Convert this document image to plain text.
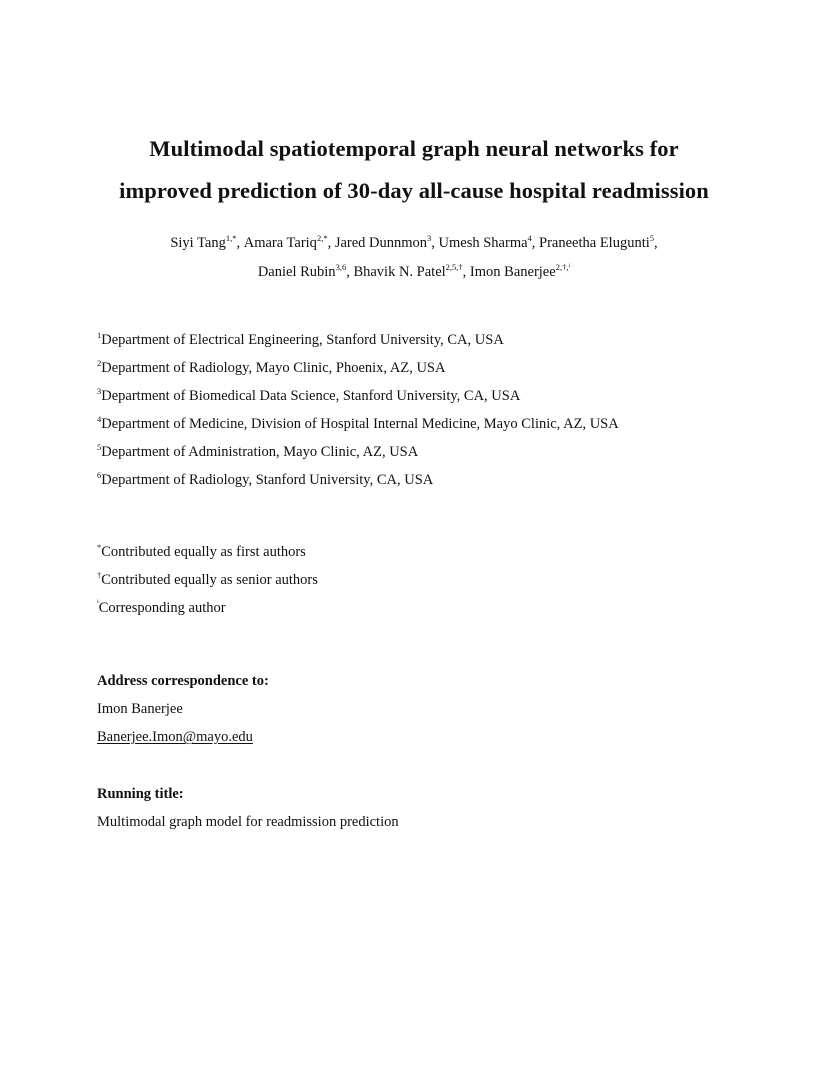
Multimodal spatiotemporal graph neural networks for
improved prediction of 30-day all-cause hospital readmission
Siyi Tang$^{1,*}$, Amara Tariq$^{2,*}$, Jared Dunnmon$^3$, Umesh Sharma$^4$, Praneetha Elugunti$^5$,
Daniel Rubin$^{3,6}$, Bhavik N. Patel$^{2,5,\dagger}$, Imon Banerjee$^{2,\dagger,^i}$
$^1$Department of Electrical Engineering, Stanford University, CA, USA
$^2$Department of Radiology, Mayo Clinic, Phoenix, AZ, USA
$^3$Department of Biomedical Data Science, Stanford University, CA, USA
$^4$Department of Medicine, Division of Hospital Internal Medicine, Mayo Clinic, AZ, USA
$^5$Department of Administration, Mayo Clinic, AZ, USA
$^6$Department of Radiology, Stanford University, CA, USA
*Contributed equally as first authors
†Contributed equally as senior authors
$^{^i}$Corresponding author
Address correspondence to:
Imon Banerjee
Banerjee.Imon@mayo.edu
Running title:
Multimodal graph model for readmission prediction
